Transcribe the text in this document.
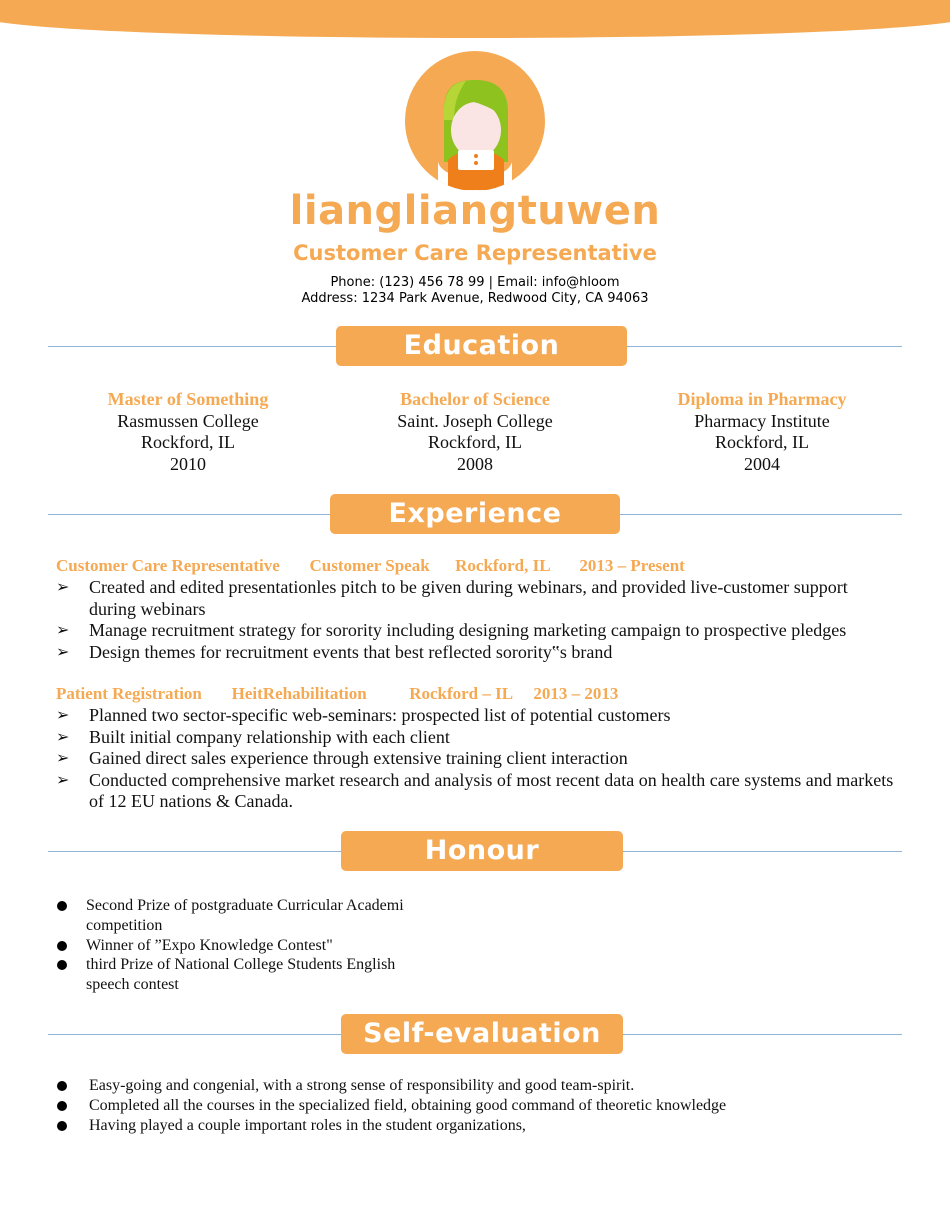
liangliangtuwen
Customer Care Representative
Phone: (123) 456 78 99 | Email: info@hloom
Address: 1234 Park Avenue, Redwood City, CA 94063
Education
Master of Something
Rasmussen College
Rockford, IL
2010
Bachelor of Science
Saint. Joseph College
Rockford, IL
2008
Diploma in Pharmacy
Pharmacy Institute
Rockford, IL
2004
Experience
Customer Care Representative Customer Speak Rockford, IL 2013 – Present
➢ Created and edited presentationles pitch to be given during webinars, and provided live-customer support during webinars
➢ Manage recruitment strategy for sorority including designing marketing campaign to prospective pledges
➢ Design themes for recruitment events that best reflected sorority‟s brand
Patient Registration HeitRehabilitation	Rockford – IL 2013 – 2013
➢ Planned two sector-specific web-seminars: prospected list of potential customers
➢ Built initial company relationship with each client
➢ Gained direct sales experience through extensive training client interaction
➢ Conducted comprehensive market research and analysis of most recent data on health care systems and markets of 12 EU nations & Canada.
Honour
Second Prize of postgraduate Curricular Academi competition
Winner of ”Expo Knowledge Contest"
third Prize of National College Students English speech contest
Self-evaluation
Easy-going and congenial, with a strong sense of responsibility and good team-spirit.
Completed all the courses in the specialized field, obtaining good command of theoretic knowledge
Having played a couple important roles in the student organizations,
